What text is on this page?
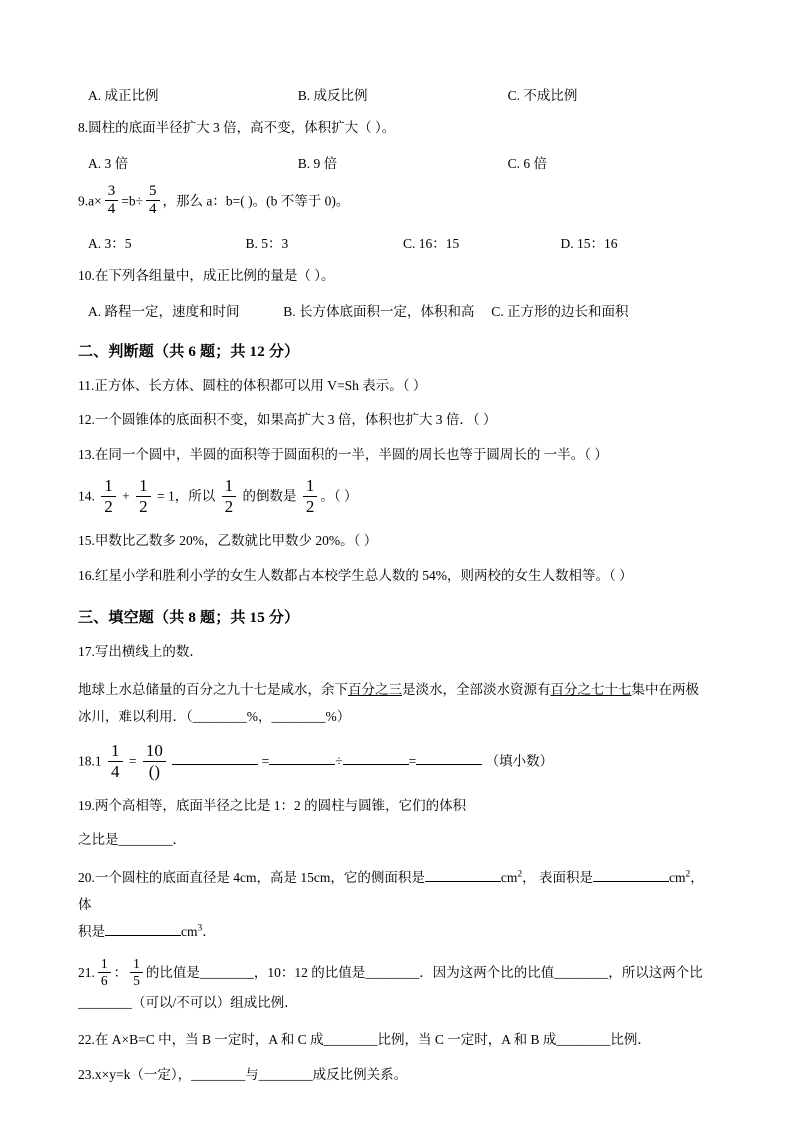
A. 成正比例	B. 成反比例	C. 不成比例
8.圆柱的底面半径扩大 3 倍，高不变，体积扩大（ ）。
A. 3 倍	B. 9 倍	C. 6 倍
$9.a\times \frac{3}{4} =b\div \frac{5}{4}$ ，那么 a：b=( )。(b 不等于 0)。
A. 3：5	B. 5：3	C. 16：15	D. 15：16
10.在下列各组量中，成正比例的量是（ ）。
A. 路程一定，速度和时间	B. 长方体底面积一定，体积和高	C. 正方形的边长和面积
二、判断题（共 6 题；共 12 分）
11.正方体、长方体、圆柱的体积都可以用 V=Sh 表示。（ ）
12.一个圆锥体的底面积不变，如果高扩大 3 倍，体积也扩大 3 倍．（ ）
13.在同一个圆中，半圆的面积等于圆面积的一半，半圆的周长也等于圆周长的 一半。（ ）
14. $\frac{1}{2} + \frac{1}{2} = 1$，所以 $\frac{1}{2}$ 的倒数是 $\frac{1}{2}$ 。（ ）
15.甲数比乙数多 20%，乙数就比甲数少 20%。（ ）
16.红星小学和胜利小学的女生人数都占本校学生总人数的 54%，则两校的女生人数相等。（ ）
三、填空题（共 8 题；共 15 分）
17.写出横线上的数．
地球上水总储量的百分之九十七是咸水，余下百分之三是淡水，全部淡水资源有百分之七十七集中在两极
冰川，难以利用．（________%，________%）
$18.1 \frac{1}{4} = \frac{10}{()}$	=	÷	=	（填小数）
19.两个高相等，底面半径之比是 1：2 的圆柱与圆锥，它们的体积
之比是________．
20.一个圆柱的底面直径是 4cm，高是 15cm，它的侧面积是	$cm^2$， 表面积是	$cm^2$， 体
积是	$cm^3$．
21. $\frac{1}{6}$ ： $\frac{1}{5}$ 的比值是________，10：12 的比值是________．因为这两个比的比值________，所以这两个比
________（可以/不可以）组成比例．
22.在 A×B=C 中，当 B 一定时，A 和 C 成________比例，当 C 一定时，A 和 B 成________比例．
23.x×y=k（一定），________与________成反比例关系。
